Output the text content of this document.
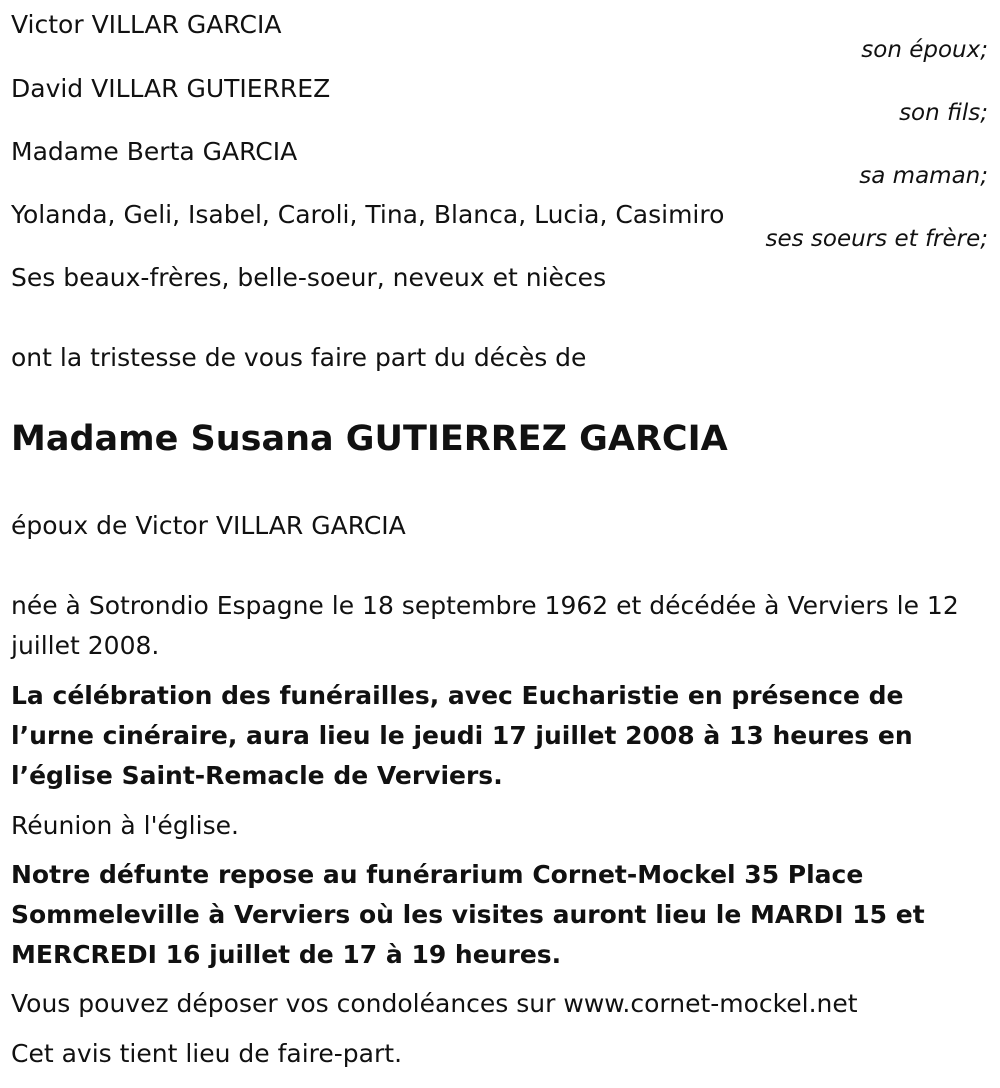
Victor VILLAR GARCIA
son époux;
David VILLAR GUTIERREZ
son fils;
Madame Berta GARCIA
sa maman;
Yolanda, Geli, Isabel, Caroli, Tina, Blanca, Lucia, Casimiro
ses soeurs et frère;
Ses beaux-frères, belle-soeur, neveux et nièces
ont la tristesse de vous faire part du décès de
Madame Susana GUTIERREZ GARCIA
époux de Victor VILLAR GARCIA
née à Sotrondio Espagne le 18 septembre 1962 et décédée à Verviers le 12 juillet 2008.
La célébration des funérailles, avec Eucharistie en présence de l’urne cinéraire, aura lieu le jeudi 17 juillet 2008 à 13 heures en l’église Saint-Remacle de Verviers.
Réunion à l'église.
Notre défunte repose au funérarium Cornet-Mockel 35 Place Sommeleville à Verviers où les visites auront lieu le MARDI 15 et MERCREDI 16 juillet de 17 à 19 heures.
Vous pouvez déposer vos condoléances sur www.cornet-mockel.net
Cet avis tient lieu de faire-part.
